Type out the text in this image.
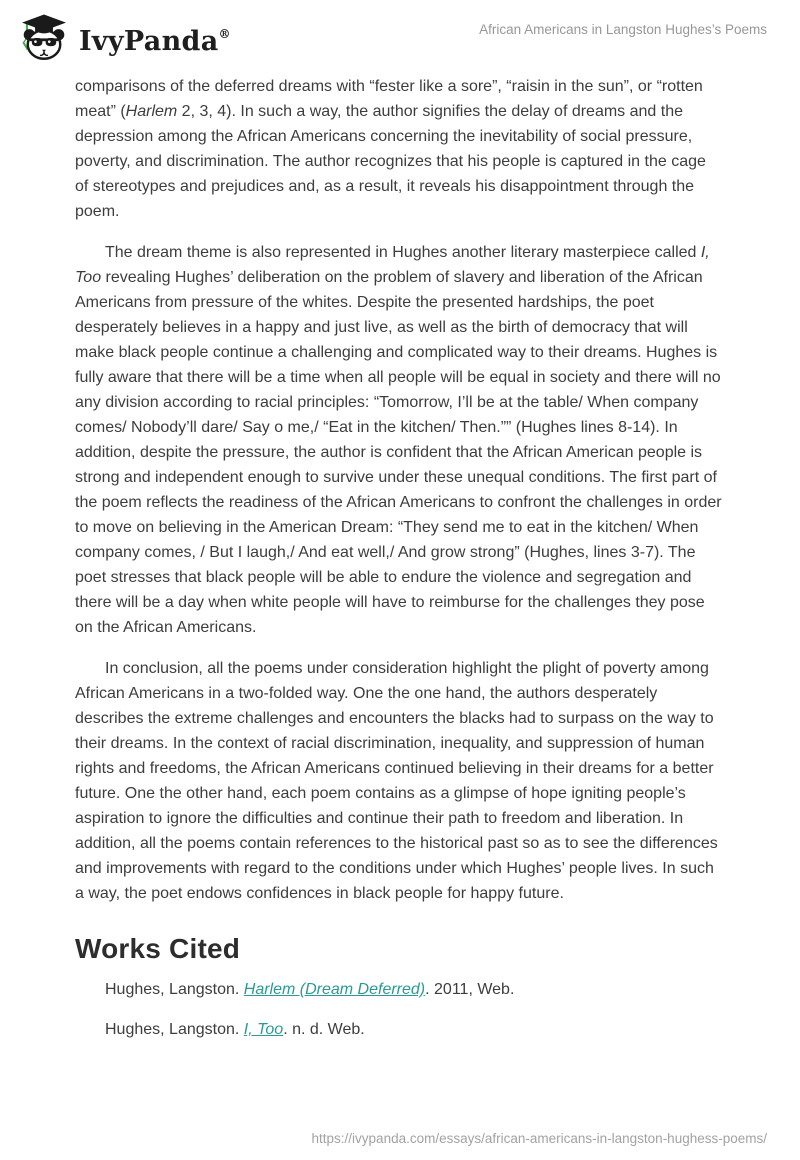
IvyPanda®	African Americans in Langston Hughes’s Poems

comparisons of the deferred dreams with “fester like a sore”, “raisin in the sun”, or “rotten meat” (Harlem 2, 3, 4). In such a way, the author signifies the delay of dreams and the depression among the African Americans concerning the inevitability of social pressure, poverty, and discrimination. The author recognizes that his people is captured in the cage of stereotypes and prejudices and, as a result, it reveals his disappointment through the poem.

The dream theme is also represented in Hughes another literary masterpiece called I, Too revealing Hughes’ deliberation on the problem of slavery and liberation of the African Americans from pressure of the whites. Despite the presented hardships, the poet desperately believes in a happy and just live, as well as the birth of democracy that will make black people continue a challenging and complicated way to their dreams. Hughes is fully aware that there will be a time when all people will be equal in society and there will no any division according to racial principles: “Tomorrow, I’ll be at the table/ When company comes/ Nobody’ll dare/ Say o me,/ “Eat in the kitchen/ Then.”” (Hughes lines 8-14). In addition, despite the pressure, the author is confident that the African American people is strong and independent enough to survive under these unequal conditions. The first part of the poem reflects the readiness of the African Americans to confront the challenges in order to move on believing in the American Dream: “They send me to eat in the kitchen/ When company comes, / But I laugh,/ And eat well,/ And grow strong” (Hughes, lines 3-7). The poet stresses that black people will be able to endure the violence and segregation and there will be a day when white people will have to reimburse for the challenges they pose on the African Americans.

In conclusion, all the poems under consideration highlight the plight of poverty among African Americans in a two-folded way. One the one hand, the authors desperately describes the extreme challenges and encounters the blacks had to surpass on the way to their dreams. In the context of racial discrimination, inequality, and suppression of human rights and freedoms, the African Americans continued believing in their dreams for a better future. One the other hand, each poem contains as a glimpse of hope igniting people’s aspiration to ignore the difficulties and continue their path to freedom and liberation. In addition, all the poems contain references to the historical past so as to see the differences and improvements with regard to the conditions under which Hughes’ people lives. In such a way, the poet endows confidences in black people for happy future.

Works Cited

Hughes, Langston. Harlem (Dream Deferred). 2011, Web.

Hughes, Langston. I, Too. n. d. Web.

https://ivypanda.com/essays/african-americans-in-langston-hughess-poems/
